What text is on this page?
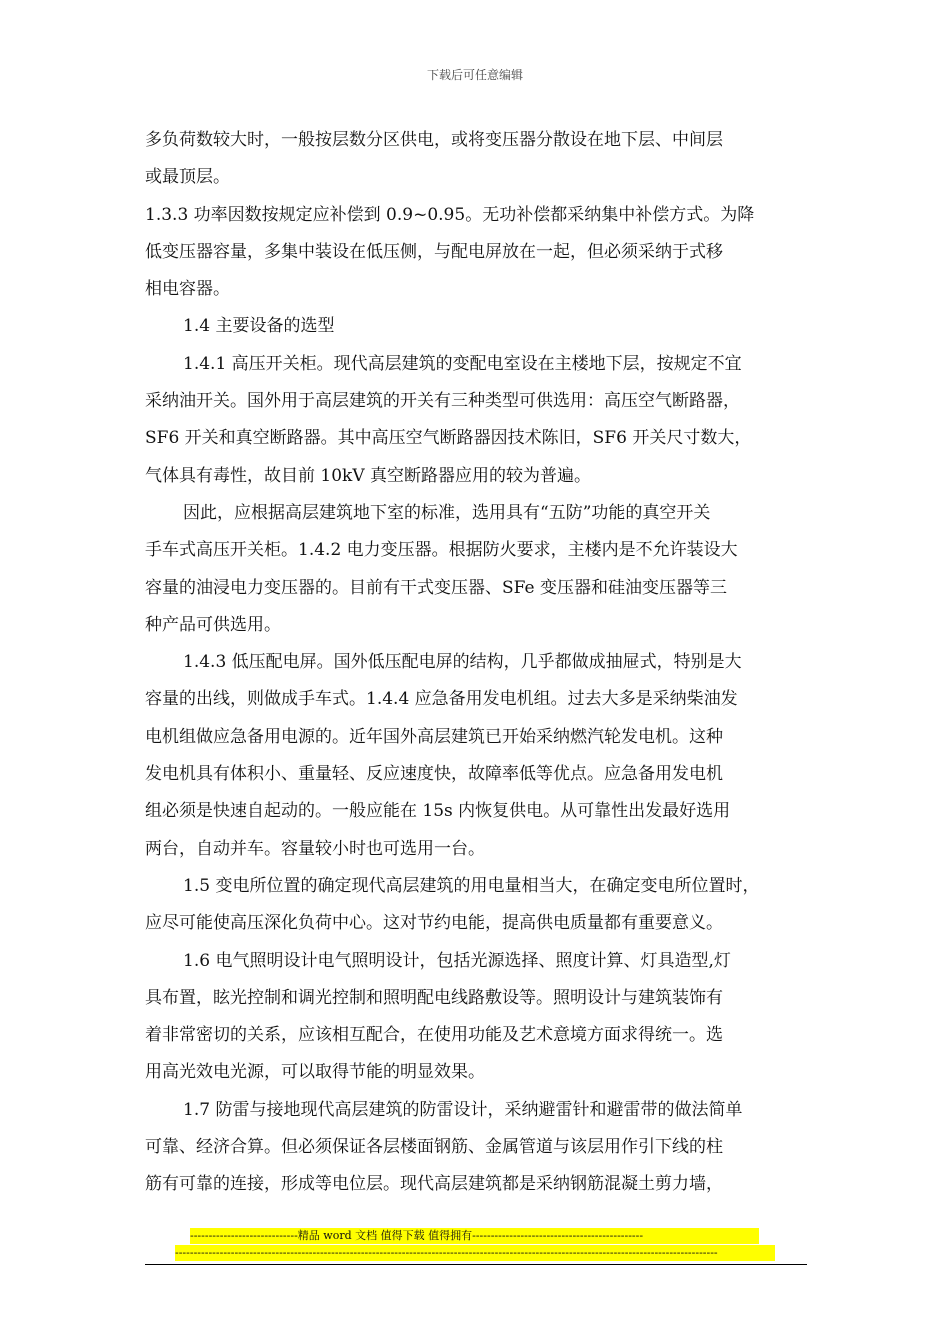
下载后可任意编辑
多负荷数较大时，一般按层数分区供电，或将变压器分散设在地下层、中间层
或最顶层。
1.3.3 功率因数按规定应补偿到 0.9~0.95。无功补偿都采纳集中补偿方式。为降
低变压器容量，多集中装设在低压侧，与配电屏放在一起，但必须采纳于式移
相电容器。
1.4 主要设备的选型
1.4.1 高压开关柜。现代高层建筑的变配电室设在主楼地下层，按规定不宜
采纳油开关。国外用于高层建筑的开关有三种类型可供选用：高压空气断路器，
SF6 开关和真空断路器。其中高压空气断路器因技术陈旧，SF6 开关尺寸数大，
气体具有毒性，故目前 10kV 真空断路器应用的较为普遍。
因此，应根据高层建筑地下室的标准，选用具有“五防”功能的真空开关
手车式高压开关柜。1.4.2 电力变压器。根据防火要求，主楼内是不允许装设大
容量的油浸电力变压器的。目前有干式变压器、SFe 变压器和硅油变压器等三
种产品可供选用。
1.4.3 低压配电屏。国外低压配电屏的结构，几乎都做成抽屉式，特别是大
容量的出线，则做成手车式。1.4.4 应急备用发电机组。过去大多是采纳柴油发
电机组做应急备用电源的。近年国外高层建筑已开始采纳燃汽轮发电机。这种
发电机具有体积小、重量轻、反应速度快，故障率低等优点。应急备用发电机
组必须是快速自起动的。一般应能在 15s 内恢复供电。从可靠性出发最好选用
两台，自动并车。容量较小时也可选用一台。
1.5 变电所位置的确定现代高层建筑的用电量相当大，在确定变电所位置时，
应尽可能使高压深化负荷中心。这对节约电能，提高供电质量都有重要意义。
1.6 电气照明设计电气照明设计，包括光源选择、照度计算、灯具造型,灯
具布置，眩光控制和调光控制和照明配电线路敷设等。照明设计与建筑装饰有
着非常密切的关系，应该相互配合，在使用功能及艺术意境方面求得统一。选
用高光效电光源，可以取得节能的明显效果。
1.7 防雷与接地现代高层建筑的防雷设计，采纳避雷针和避雷带的做法简单
可靠、经济合算。但必须保证各层楼面钢筋、金属管道与该层用作引下线的柱
筋有可靠的连接，形成等电位层。现代高层建筑都是采纳钢筋混凝土剪力墙，
-----------------------------精品 word 文档 值得下载 值得拥有----------------------------------------------
--------------------------------------------------------------------------------------------------------------------------------------------------
